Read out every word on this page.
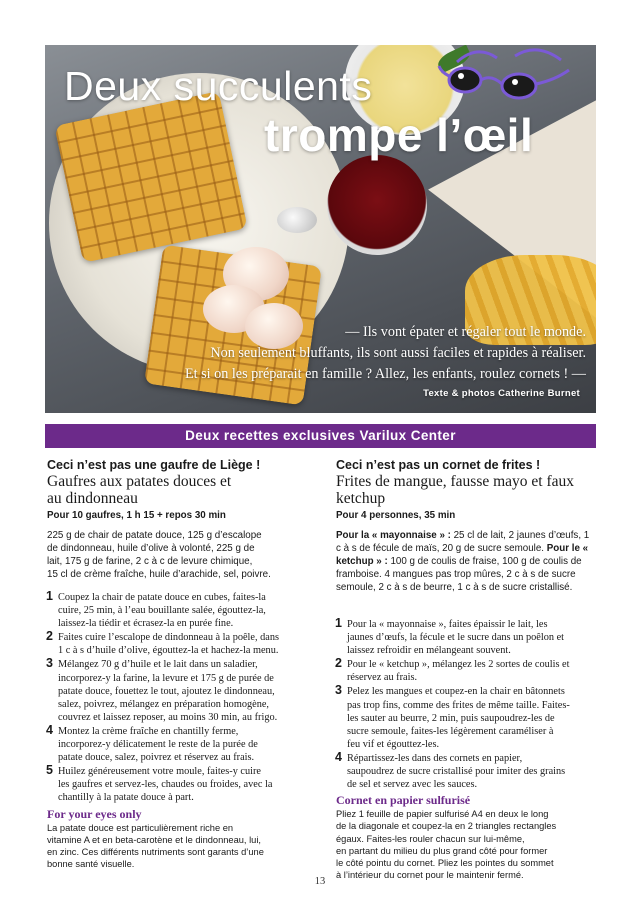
Deux succulents
trompe l’œil
— Ils vont épater et régaler tout le monde.
Non seulement bluffants, ils sont aussi faciles et rapides à réaliser.
Et si on les préparait en famille ? Allez, les enfants, roulez cornets ! —
Texte & photos Catherine Burnet
Deux recettes exclusives Varilux Center
Ceci n’est pas une gaufre de Liège !
Gaufres aux patates douces et
au dindonneau
Pour 10 gaufres, 1 h 15 + repos 30 min
225 g de chair de patate douce, 125 g d’escalope
de dindonneau, huile d’olive à volonté, 225 g de
lait, 175 g de farine, 2 c à c de levure chimique,
15 cl de crème fraîche, huile d’arachide, sel, poivre.
1 Coupez la chair de patate douce en cubes, faites-la
cuire, 25 min, à l’eau bouillante salée, égouttez-la,
laissez-la tiédir et écrasez-la en purée fine.
2 Faites cuire l’escalope de dindonneau à la poêle, dans
1 c à s d’huile d’olive, égouttez-la et hachez-la menu.
3 Mélangez 70 g d’huile et le lait dans un saladier,
incorporez-y la farine, la levure et 175 g de purée de
patate douce, fouettez le tout, ajoutez le dindonneau,
salez, poivrez, mélangez en préparation homogène,
couvrez et laissez reposer, au moins 30 min, au frigo.
4 Montez la crème fraîche en chantilly ferme,
incorporez-y délicatement le reste de la purée de
patate douce, salez, poivrez et réservez au frais.
5 Huilez généreusement votre moule, faites-y cuire
les gaufres et servez-les, chaudes ou froides, avec la
chantilly à la patate douce à part.
For your eyes only
La patate douce est particulièrement riche en
vitamine A et en beta-carotène et le dindonneau, lui,
en zinc. Ces différents nutriments sont garants d’une
bonne santé visuelle.
Ceci n’est pas un cornet de frites !
Frites de mangue, fausse mayo et faux
ketchup
Pour 4 personnes, 35 min
Pour la « mayonnaise » : 25 cl de lait, 2 jaunes d’œufs, 1 c à s de fécule de maïs, 20 g de sucre semoule. Pour le « ketchup » : 100 g de coulis de fraise, 100 g de coulis de framboise. 4 mangues pas trop mûres, 2 c à s de sucre semoule, 2 c à s de beurre, 1 c à s de sucre cristallisé.
1 Pour la « mayonnaise », faites épaissir le lait, les
jaunes d’œufs, la fécule et le sucre dans un poêlon et
laissez refroidir en mélangeant souvent.
2 Pour le « ketchup », mélangez les 2 sortes de coulis et
réservez au frais.
3 Pelez les mangues et coupez-en la chair en bâtonnets
pas trop fins, comme des frites de même taille. Faites-
les sauter au beurre, 2 min, puis saupoudrez-les de
sucre semoule, faites-les légèrement caraméliser à
feu vif et égouttez-les.
4 Répartissez-les dans des cornets en papier,
saupoudrez de sucre cristallisé pour imiter des grains
de sel et servez avec les sauces.
Cornet en papier sulfurisé
Pliez 1 feuille de papier sulfurisé A4 en deux le long
de la diagonale et coupez-la en 2 triangles rectangles
égaux. Faites-les rouler chacun sur lui-même,
en partant du milieu du plus grand côté pour former
le côté pointu du cornet. Pliez les pointes du sommet
à l’intérieur du cornet pour le maintenir fermé.
13
